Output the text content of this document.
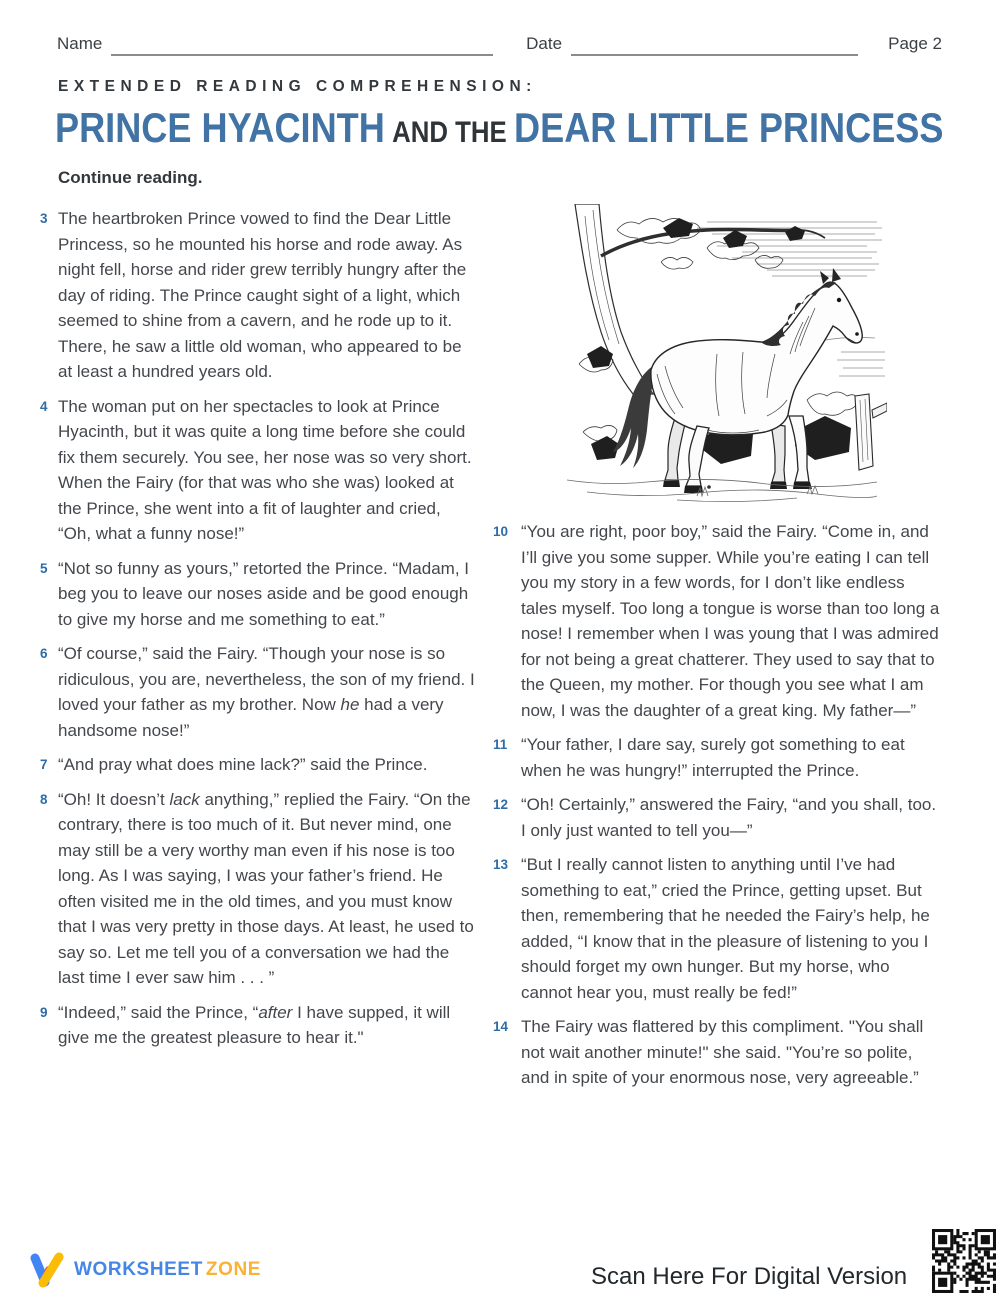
Name	Date	Page 2
EXTENDED READING COMPREHENSION:
PRINCE HYACINTH AND THE DEAR LITTLE PRINCESS
Continue reading.
3 The heartbroken Prince vowed to find the Dear Little Princess, so he mounted his horse and rode away. As night fell, horse and rider grew terribly hungry after the day of riding. The Prince caught sight of a light, which seemed to shine from a cavern, and he rode up to it. There, he saw a little old woman, who appeared to be at least a hundred years old.
4 The woman put on her spectacles to look at Prince Hyacinth, but it was quite a long time before she could fix them securely. You see, her nose was so very short. When the Fairy (for that was who she was) looked at the Prince, she went into a fit of laughter and cried, “Oh, what a funny nose!”
5 “Not so funny as yours,” retorted the Prince. “Madam, I beg you to leave our noses aside and be good enough to give my horse and me something to eat.”
6 “Of course,” said the Fairy. “Though your nose is so ridiculous, you are, nevertheless, the son of my friend. I loved your father as my brother. Now he had a very handsome nose!”
7 “And pray what does mine lack?” said the Prince.
8 “Oh! It doesn’t lack anything,” replied the Fairy. “On the contrary, there is too much of it. But never mind, one may still be a very worthy man even if his nose is too long. As I was saying, I was your father’s friend. He often visited me in the old times, and you must know that I was very pretty in those days. At least, he used to say so. Let me tell you of a conversation we had the last time I ever saw him . . . ”
9 “Indeed,” said the Prince, “after I have supped, it will give me the greatest pleasure to hear it."
10 “You are right, poor boy,” said the Fairy. “Come in, and I’ll give you some supper. While you’re eating I can tell you my story in a few words, for I don’t like endless tales myself. Too long a tongue is worse than too long a nose! I remember when I was young that I was admired for not being a great chatterer. They used to say that to the Queen, my mother. For though you see what I am now, I was the daughter of a great king. My father—”
11 “Your father, I dare say, surely got something to eat when he was hungry!” interrupted the Prince.
12 “Oh! Certainly,” answered the Fairy, “and you shall, too. I only just wanted to tell you—”
13 “But I really cannot listen to anything until I’ve had something to eat,” cried the Prince, getting upset. But then, remembering that he needed the Fairy’s help, he added, “I know that in the pleasure of listening to you I should forget my own hunger. But my horse, who cannot hear you, must really be fed!”
14 The Fairy was flattered by this compliment. "You shall not wait another minute!" she said. "You’re so polite, and in spite of your enormous nose, very agreeable.”
WORKSHEET ZONE	Scan Here For Digital Version
